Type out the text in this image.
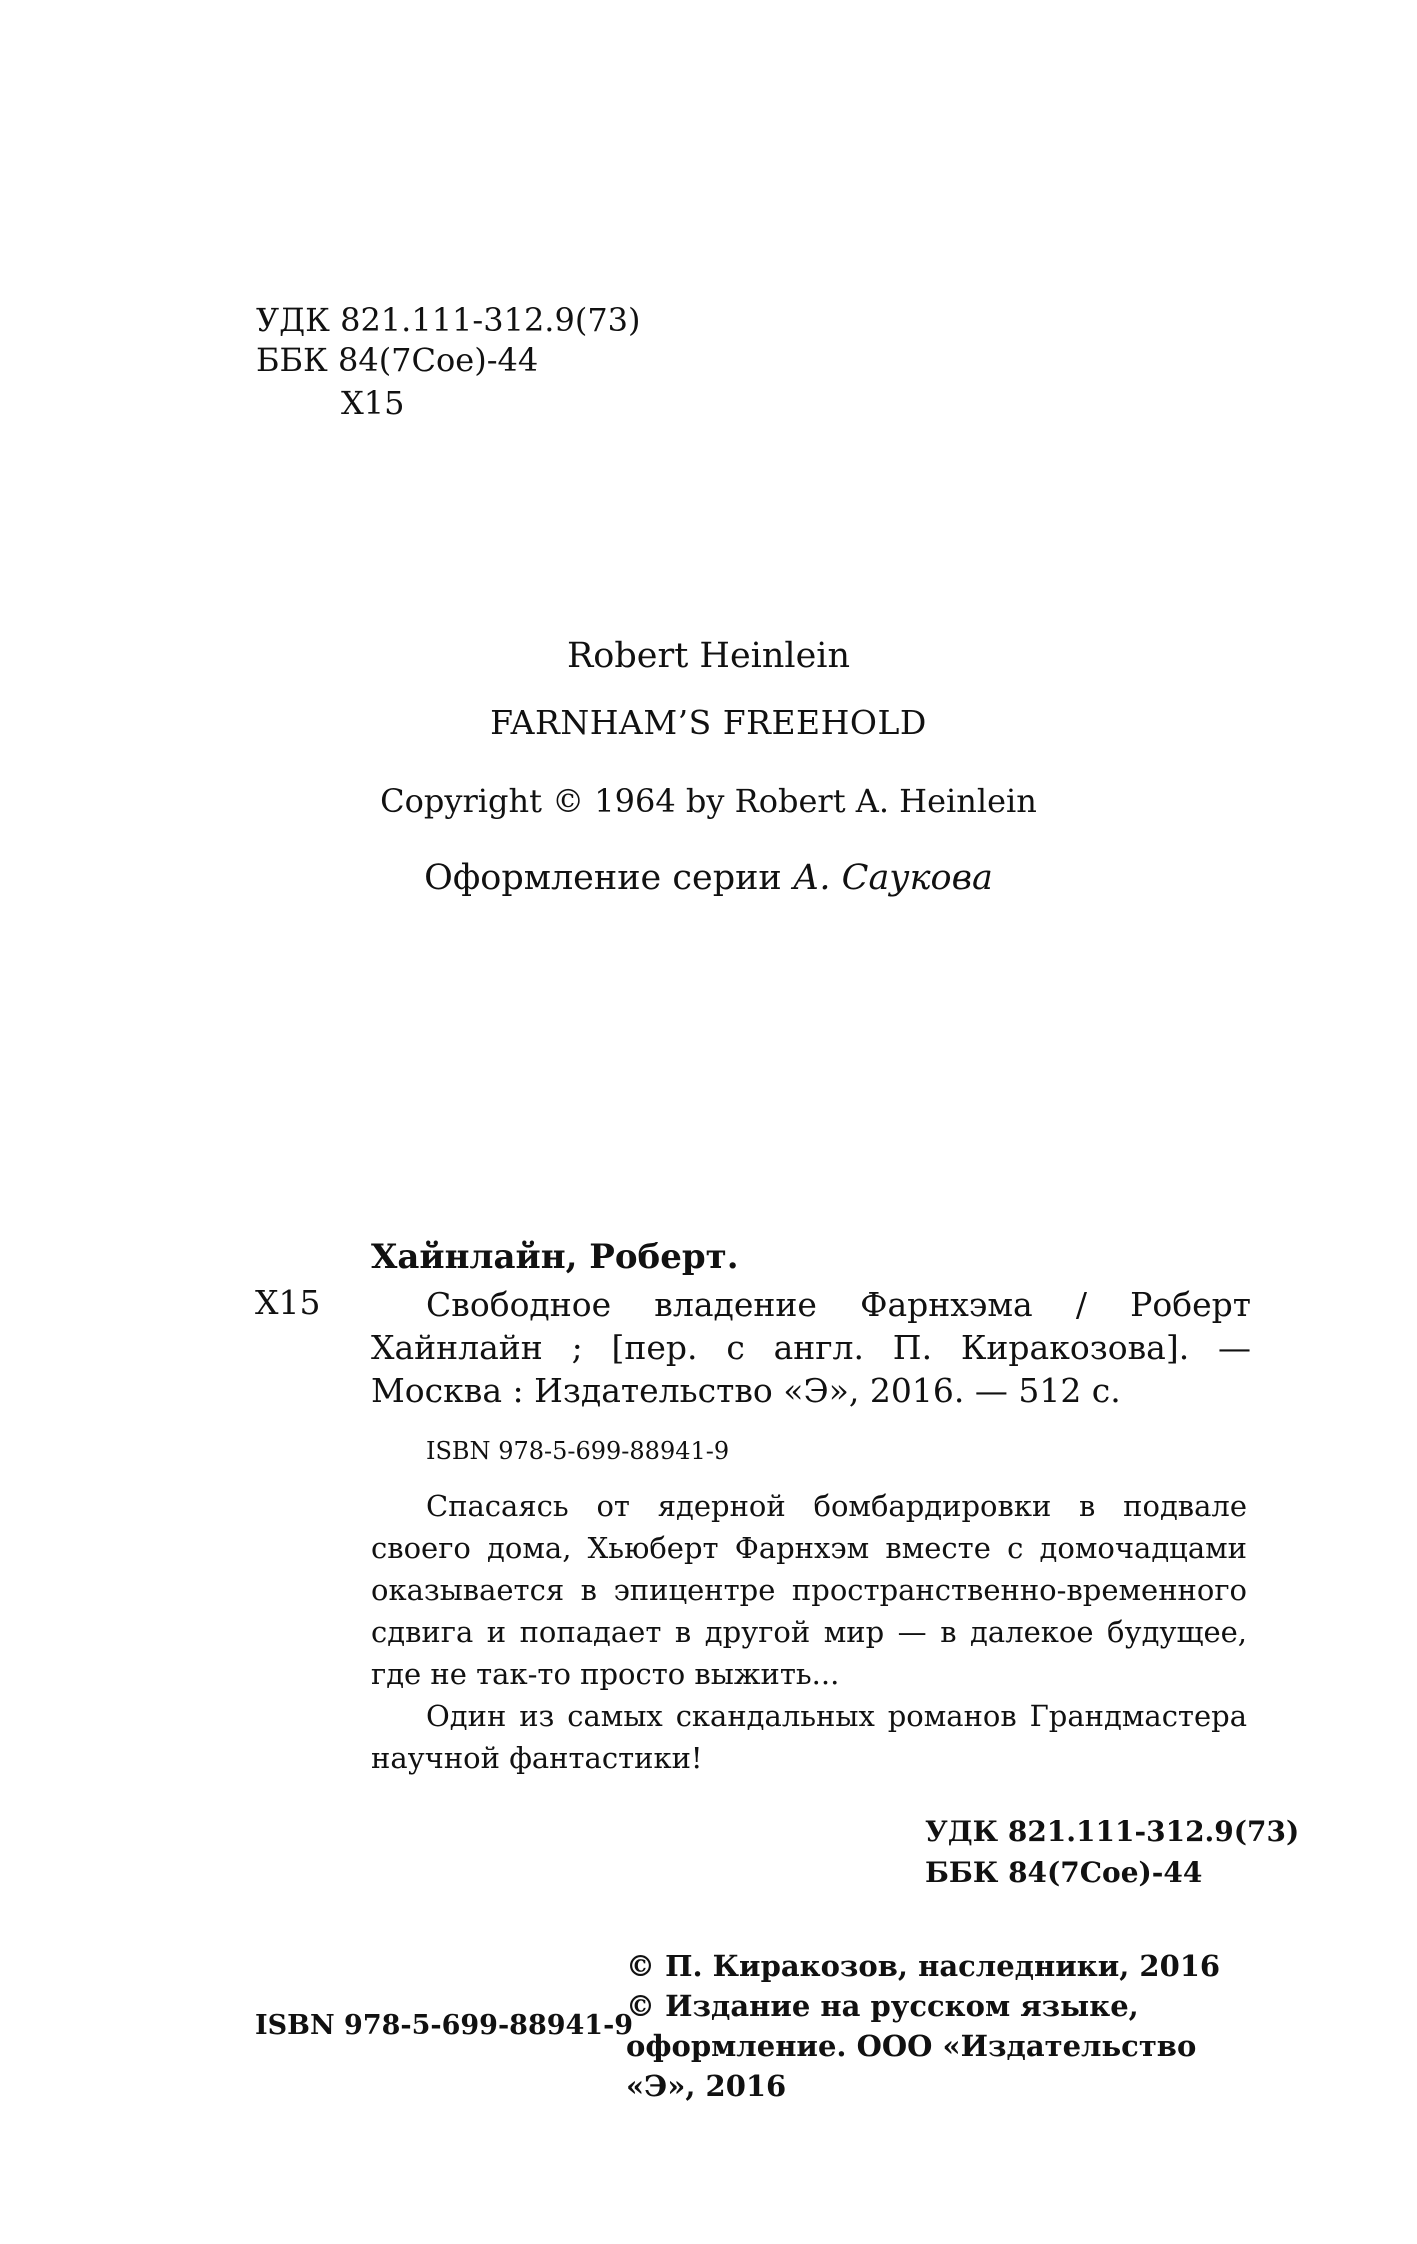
УДК 821.111-312.9(73)
ББК 84(7Сое)-44
Х15
Robert Heinlein
FARNHAM’S FREEHOLD
Copyright © 1964 by Robert A. Heinlein
Оформление серии А. Саукова
Хайнлайн, Роберт.
Х15	Свободное владение Фарнхэма / Роберт Хайнлайн ; [пер. с англ. П. Киракозова]. — Москва : Издательство «Э», 2016. — 512 с.

ISBN 978-5-699-88941-9

Спасаясь от ядерной бомбардировки в подвале своего дома, Хьюберт Фарнхэм вместе с домочадцами оказывается в эпицентре пространственно-временного сдвига и попадает в другой мир — в далекое будущее, где не так-то просто выжить...

Один из самых скандальных романов Грандмастера научной фантастики!

УДК 821.111-312.9(73)
ББК 84(7Сое)-44
ISBN 978-5-699-88941-9

© П. Киракозов, наследники, 2016

© Издание на русском языке, оформление. ООО «Издательство «Э», 2016
